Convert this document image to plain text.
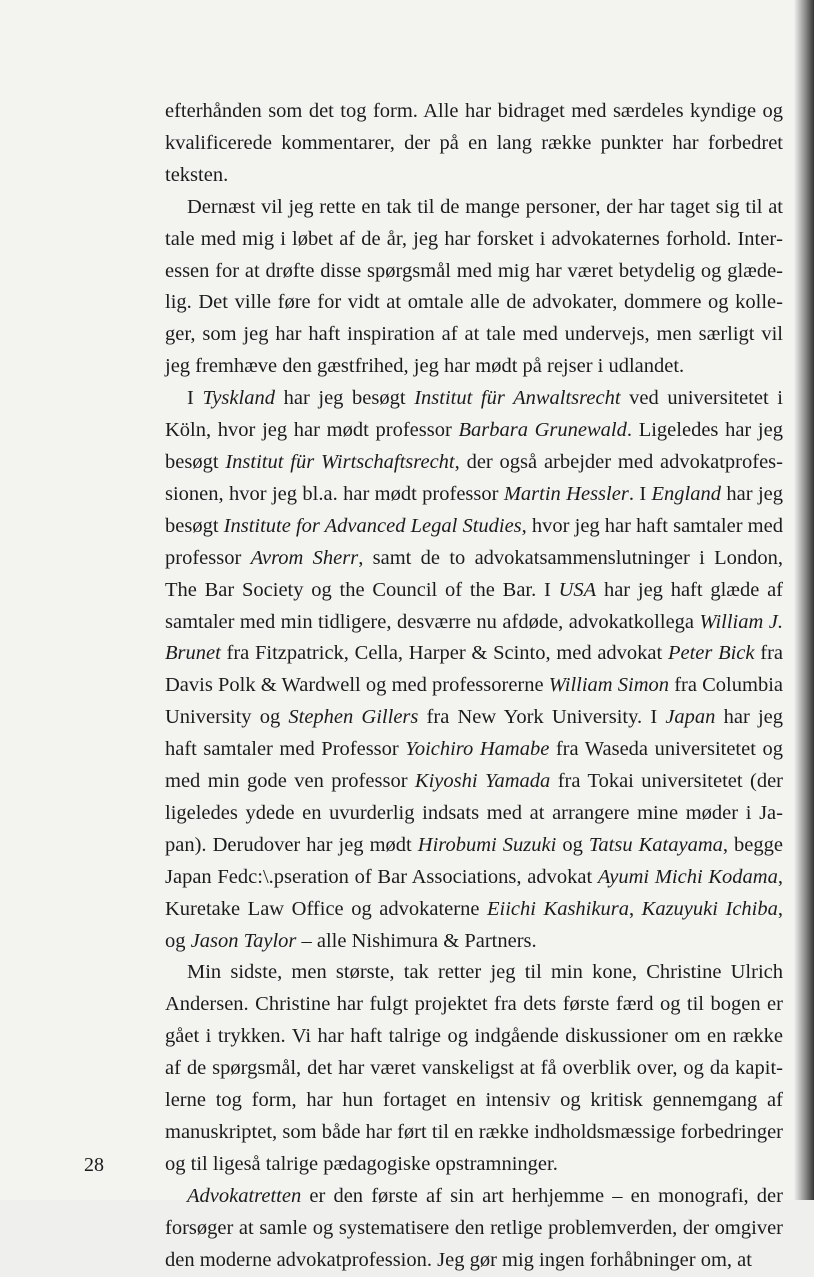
efterhånden som det tog form. Alle har bidraget med særdeles kyndige og kvalificerede kommentarer, der på en lang række punkter har forbedret teksten.

Dernæst vil jeg rette en tak til de mange personer, der har taget sig til at tale med mig i løbet af de år, jeg har forsket i advokaternes forhold. Interessen for at drøfte disse spørgsmål med mig har været betydelig og glædelig. Det ville føre for vidt at omtale alle de advokater, dommere og kolleger, som jeg har haft inspiration af at tale med undervejs, men særligt vil jeg fremhæve den gæstfrihed, jeg har mødt på rejser i udlandet.

I Tyskland har jeg besøgt Institut für Anwaltsrecht ved universitetet i Köln, hvor jeg har mødt professor Barbara Grunewald. Ligeledes har jeg besøgt Institut für Wirtschaftsrecht, der også arbejder med advokatprofessionen, hvor jeg bl.a. har mødt professor Martin Hessler. I England har jeg besøgt Institute for Advanced Legal Studies, hvor jeg har haft samtaler med professor Avrom Sherr, samt de to advokatsammenslutninger i London, The Bar Society og the Council of the Bar. I USA har jeg haft glæde af samtaler med min tidligere, desværre nu afdøde, advokatkollega William J. Brunet fra Fitzpatrick, Cella, Harper & Scinto, med advokat Peter Bick fra Davis Polk & Wardwell og med professorerne William Simon fra Columbia University og Stephen Gillers fra New York University. I Japan har jeg haft samtaler med Professor Yoichiro Hamabe fra Waseda universitetet og med min gode ven professor Kiyoshi Yamada fra Tokai universitetet (der ligeledes ydede en uvurderlig indsats med at arrangere mine møder i Japan). Derudover har jeg mødt Hirobumi Suzuki og Tatsu Katayama, begge Japan Fedc:\.pseration of Bar Associations, advokat Ayumi Michi Kodama, Kuretake Law Office og advokaterne Eiichi Kashikura, Kazuyuki Ichiba, og Jason Taylor – alle Nishimura & Partners.

Min sidste, men største, tak retter jeg til min kone, Christine Ulrich Andersen. Christine har fulgt projektet fra dets første færd og til bogen er gået i trykken. Vi har haft talrige og indgående diskussioner om en række af de spørgsmål, det har været vanskeligst at få overblik over, og da kapitlerne tog form, har hun fortaget en intensiv og kritisk gennemgang af manuskriptet, som både har ført til en række indholdsmæssige forbedringer og til ligeså talrige pædagogiske opstramninger.

Advokatretten er den første af sin art herhjemme – en monografi, der forsøger at samle og systematisere den retlige problemverden, der omgiver den moderne advokatprofession. Jeg gør mig ingen forhåbninger om, at

28
